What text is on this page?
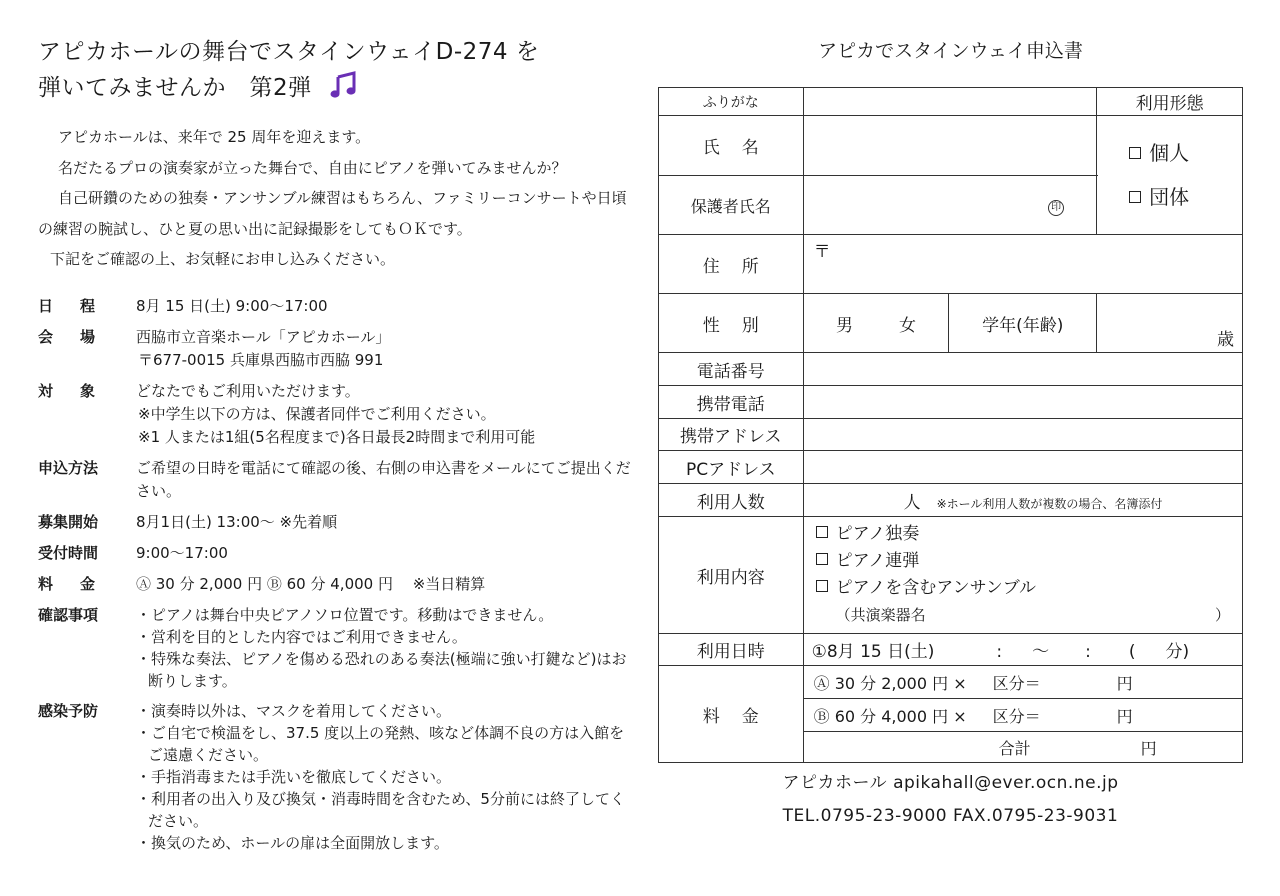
アピカホールの舞台でスタインウェイD-274 を
弾いてみませんか　第2弾

アピカホールは、来年で 25 周年を迎えます。

名だたるプロの演奏家が立った舞台で、自由にピアノを弾いてみませんか？

自己研鑽のための独奏・アンサンブル練習はもちろん、ファミリーコンサートや日頃の練習の腕試し、ひと夏の思い出に記録撮影をしてもＯＫです。

下記をご確認の上、お気軽にお申し込みください。

日程 8月 15 日(土) 9:00～17:00
会場 西脇市立音楽ホール「アピカホール」
〒677-0015 兵庫県西脇市西脇 991
対象 どなたでもご利用いただけます。
※中学生以下の方は、保護者同伴でご利用ください。
※1 人または1組(5名程度まで)各日最長2時間まで利用可能
申込方法	ご希望の日時を電話にて確認の後、右側の申込書をメールにてご提出ください。
募集開始	8月1日(土) 13:00～ ※先着順
受付時間	9:00～17:00
料金 Ⓐ 30 分 2,000 円 Ⓑ 60 分 4,000 円　 ※当日精算
確認事項	・ピアノは舞台中央ピアノソロ位置です。移動はできません。
・営利を目的とした内容ではご利用できません。
・特殊な奏法、ピアノを傷める恐れのある奏法(極端に強い打鍵など)はお断りします。
感染予防	・演奏時以外は、マスクを着用してください。
・ご自宅で検温をし、37.5 度以上の発熱、咳など体調不良の方は入館をご遠慮ください。
・手指消毒または手洗いを徹底してください。
・利用者の出入り及び換気・消毒時間を含むため、5分前には終了してください。
・換気のため、ホールの扉は全面開放します。
アピカでスタインウェイ申込書
ふりがな			利用形態
氏名			個人
団体

保護者氏名	印		
住所	〒		
性別	男 女	学年(年齢)	歳
電話番号			
携帯電話			
携帯アドレス			
PCアドレス			
利用人数	人 ※ホール利用人数が複数の場合、名簿添付		
利用内容	ピアノ独奏
ピアノ連弾
ピアノを含むアンサンブル
（共演楽器名 ）		

利用日時	①8月 15 日(土) : ～ : ( 分)		
料金	Ⓐ 30 分 2,000 円 × 区分＝ 円		
	Ⓑ 60 分 4,000 円 × 区分＝ 円		
	合計 円		
アピカホール apikahall@ever.ocn.ne.jp
TEL.0795-23-9000 FAX.0795-23-9031
